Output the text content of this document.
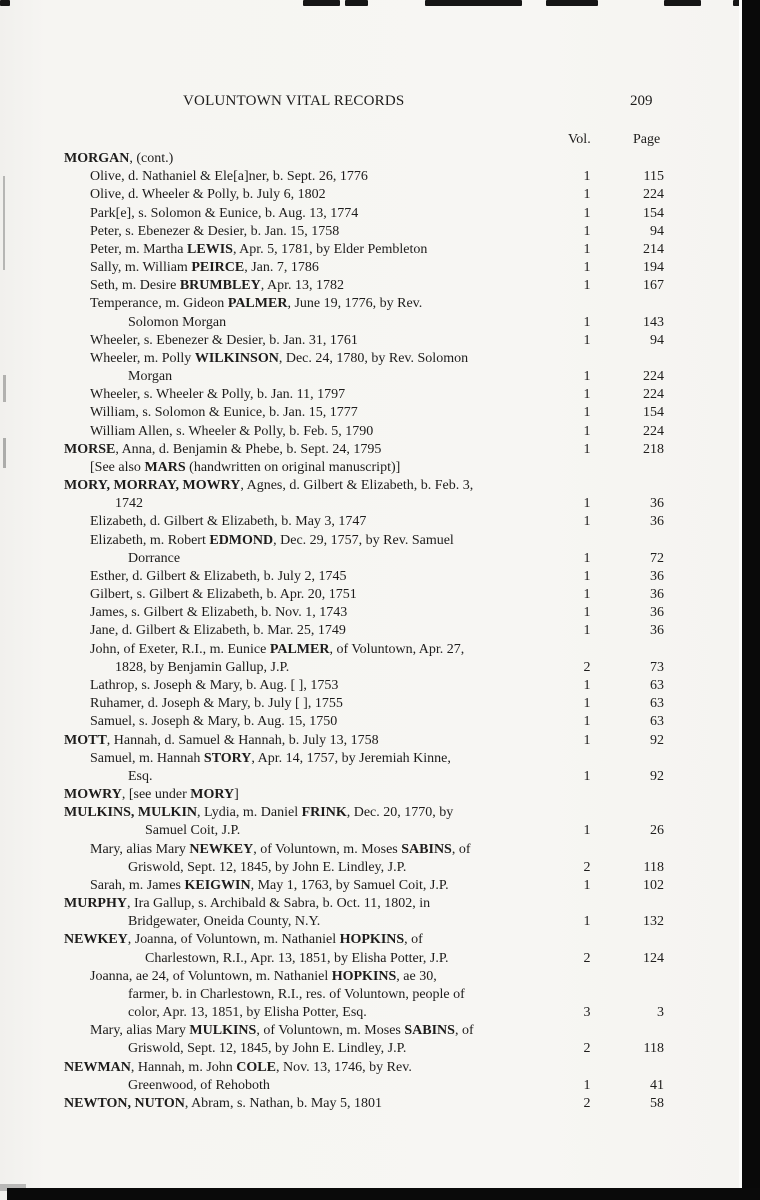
VOLUNTOWN VITAL RECORDS	209
Vol.	Page
MORGAN, (cont.)
Olive, d. Nathaniel & Ele[a]ner, b. Sept. 26, 1776	1	115
Olive, d. Wheeler & Polly, b. July 6, 1802	1	224
Park[e], s. Solomon & Eunice, b. Aug. 13, 1774	1	154
Peter, s. Ebenezer & Desier, b. Jan. 15, 1758	1	94
Peter, m. Martha LEWIS, Apr. 5, 1781, by Elder Pembleton	1	214
Sally, m. William PEIRCE, Jan. 7, 1786	1	194
Seth, m. Desire BRUMBLEY, Apr. 13, 1782	1	167
Temperance, m. Gideon PALMER, June 19, 1776, by Rev.
Solomon Morgan	1	143
Wheeler, s. Ebenezer & Desier, b. Jan. 31, 1761	1	94
Wheeler, m. Polly WILKINSON, Dec. 24, 1780, by Rev. Solomon
Morgan	1	224
Wheeler, s. Wheeler & Polly, b. Jan. 11, 1797	1	224
William, s. Solomon & Eunice, b. Jan. 15, 1777	1	154
William Allen, s. Wheeler & Polly, b. Feb. 5, 1790	1	224
MORSE, Anna, d. Benjamin & Phebe, b. Sept. 24, 1795	1	218
[See also MARS (handwritten on original manuscript)]
MORY, MORRAY, MOWRY, Agnes, d. Gilbert & Elizabeth, b. Feb. 3,
1742	1	36
Elizabeth, d. Gilbert & Elizabeth, b. May 3, 1747	1	36
Elizabeth, m. Robert EDMOND, Dec. 29, 1757, by Rev. Samuel
Dorrance	1	72
Esther, d. Gilbert & Elizabeth, b. July 2, 1745	1	36
Gilbert, s. Gilbert & Elizabeth, b. Apr. 20, 1751	1	36
James, s. Gilbert & Elizabeth, b. Nov. 1, 1743	1	36
Jane, d. Gilbert & Elizabeth, b. Mar. 25, 1749	1	36
John, of Exeter, R.I., m. Eunice PALMER, of Voluntown, Apr. 27,
1828, by Benjamin Gallup, J.P.	2	73
Lathrop, s. Joseph & Mary, b. Aug. [ ], 1753	1	63
Ruhamer, d. Joseph & Mary, b. July [ ], 1755	1	63
Samuel, s. Joseph & Mary, b. Aug. 15, 1750	1	63
MOTT, Hannah, d. Samuel & Hannah, b. July 13, 1758	1	92
Samuel, m. Hannah STORY, Apr. 14, 1757, by Jeremiah Kinne,
Esq.	1	92
MOWRY, [see under MORY]
MULKINS, MULKIN, Lydia, m. Daniel FRINK, Dec. 20, 1770, by
Samuel Coit, J.P.	1	26
Mary, alias Mary NEWKEY, of Voluntown, m. Moses SABINS, of
Griswold, Sept. 12, 1845, by John E. Lindley, J.P.	2	118
Sarah, m. James KEIGWIN, May 1, 1763, by Samuel Coit, J.P.	1	102
MURPHY, Ira Gallup, s. Archibald & Sabra, b. Oct. 11, 1802, in
Bridgewater, Oneida County, N.Y.	1	132
NEWKEY, Joanna, of Voluntown, m. Nathaniel HOPKINS, of
Charlestown, R.I., Apr. 13, 1851, by Elisha Potter, J.P.	2	124
Joanna, ae 24, of Voluntown, m. Nathaniel HOPKINS, ae 30,
farmer, b. in Charlestown, R.I., res. of Voluntown, people of
color, Apr. 13, 1851, by Elisha Potter, Esq.	3	3
Mary, alias Mary MULKINS, of Voluntown, m. Moses SABINS, of
Griswold, Sept. 12, 1845, by John E. Lindley, J.P.	2	118
NEWMAN, Hannah, m. John COLE, Nov. 13, 1746, by Rev.
Greenwood, of Rehoboth	1	41
NEWTON, NUTON, Abram, s. Nathan, b. May 5, 1801	2	58
